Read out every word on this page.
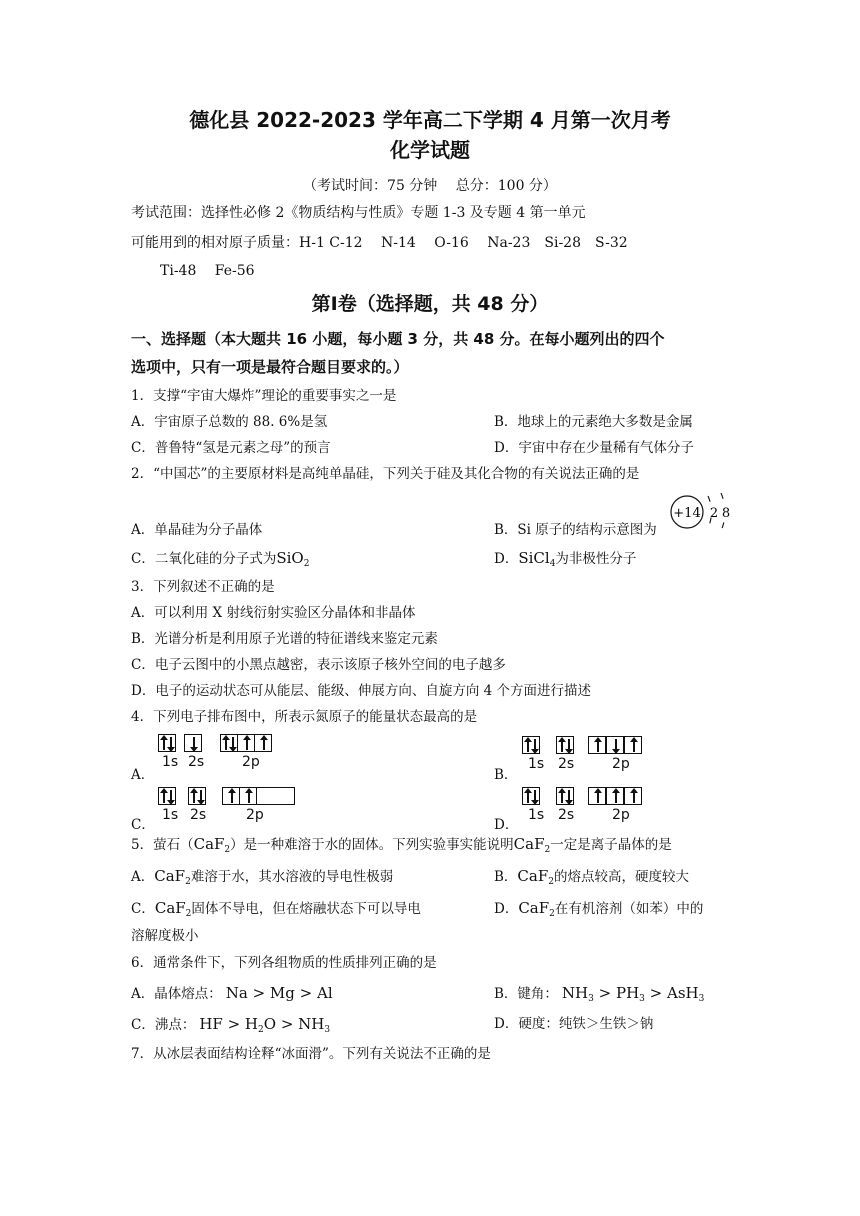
德化县 2022-2023 学年高二下学期 4 月第一次月考
化学试题
（考试时间：75 分钟　 总分：100 分）
考试范围：选择性必修 2《物质结构与性质》专题 1-3 及专题 4 第一单元
可能用到的相对原子质量：H-1 C-12　 N-14　 O-16　 Na-23　Si-28　S-32
Ti-48　 Fe-56
第Ⅰ卷（选择题，共 48 分）
一、选择题（本大题共 16 小题，每小题 3 分，共 48 分。在每小题列出的四个
选项中，只有一项是最符合题目要求的。）
1．支撑“宇宙大爆炸”理论的重要事实之一是
A．宇宙原子总数的 88. 6%是氢	B．地球上的元素绝大多数是金属
C．普鲁特“氢是元素之母”的预言	D．宇宙中存在少量稀有气体分子
2．“中国芯”的主要原材料是高纯单晶硅，下列关于硅及其化合物的有关说法正确的是
A．单晶硅为分子晶体	B．Si 原子的结构示意图为
+14 2 8
C．二氧化硅的分子式为SiO$_2$	D．SiCl$_4$为非极性分子
3．下列叙述不正确的是
A．可以利用 X 射线衍射实验区分晶体和非晶体
B．光谱分析是利用原子光谱的特征谱线来鉴定元素
C．电子云图中的小黑点越密，表示该原子核外空间的电子越多
D．电子的运动状态可从能层、能级、伸展方向、自旋方向 4 个方面进行描述
4．下列电子排布图中，所表示氮原子的能量状态最高的是
A．
1s 2s	2p
B．
1s 2s	2p
C．
1s 2s	2p
D．
1s 2s	2p
5．萤石（CaF$_2$）是一种难溶于水的固体。下列实验事实能说明CaF$_2$一定是离子晶体的是
A．CaF$_2$难溶于水，其水溶液的导电性极弱	B．CaF$_2$的熔点较高，硬度较大
C．CaF$_2$固体不导电，但在熔融状态下可以导电	D．CaF$_2$在有机溶剂（如苯）中的
溶解度极小
6．通常条件下，下列各组物质的性质排列正确的是
A．晶体熔点： Na > Mg > Al	B．键角： $NH_3 > PH_3 > AsH_3$
C．沸点： HF > $H_2O > NH_3$	D．硬度：纯铁＞生铁＞钠
7．从冰层表面结构诠释“冰面滑”。下列有关说法不正确的是
